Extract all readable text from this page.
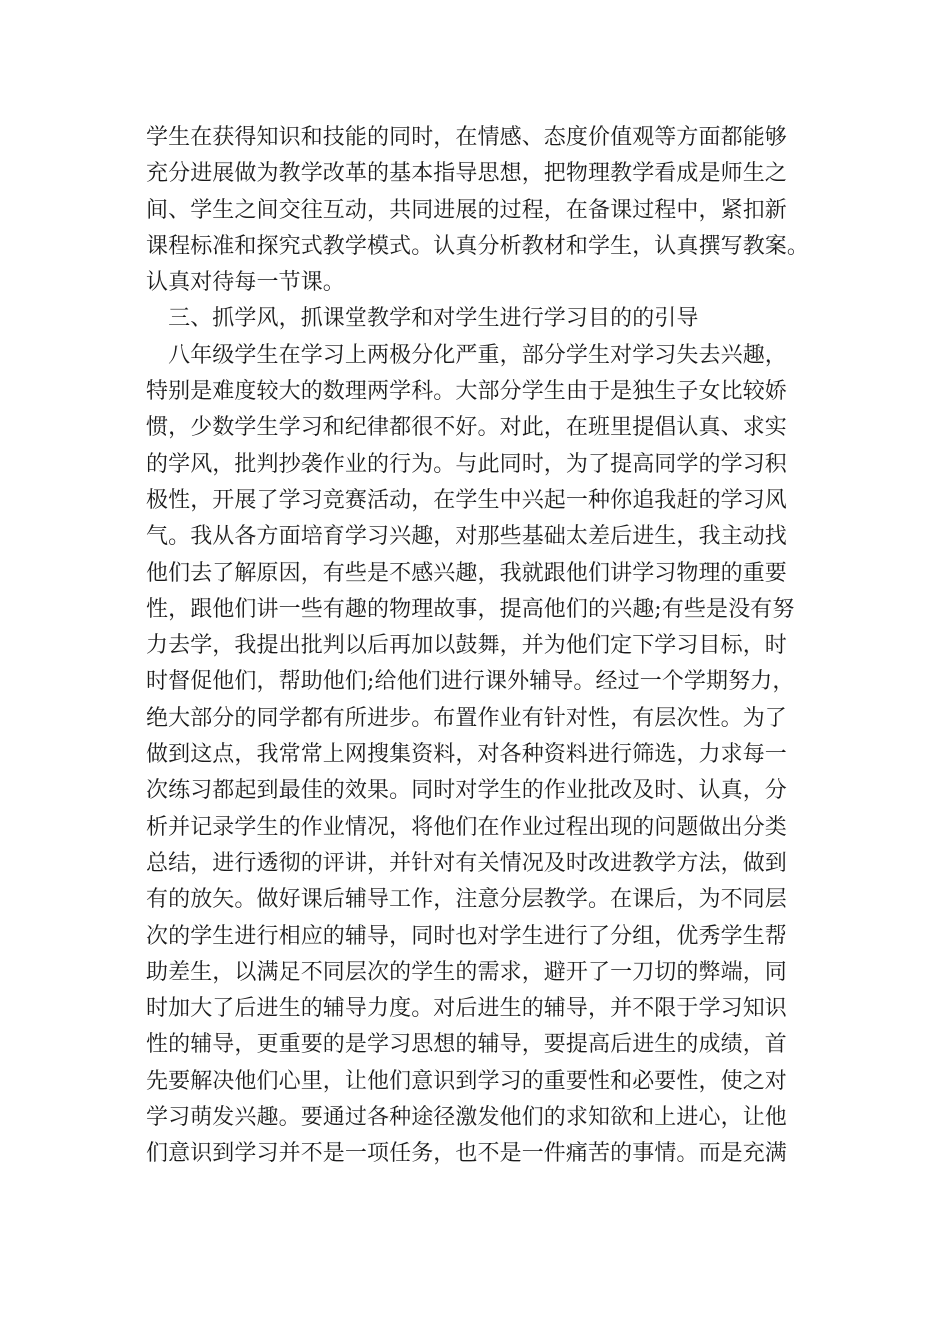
学生在获得知识和技能的同时，在情感、态度价值观等方面都能够
充分进展做为教学改革的基本指导思想，把物理教学看成是师生之
间、学生之间交往互动，共同进展的过程，在备课过程中，紧扣新
课程标准和探究式教学模式。认真分析教材和学生，认真撰写教案。
认真对待每一节课。
　三、抓学风，抓课堂教学和对学生进行学习目的的引导
　八年级学生在学习上两极分化严重，部分学生对学习失去兴趣，
特别是难度较大的数理两学科。大部分学生由于是独生子女比较娇
惯，少数学生学习和纪律都很不好。对此，在班里提倡认真、求实
的学风，批判抄袭作业的行为。与此同时，为了提高同学的学习积
极性，开展了学习竞赛活动，在学生中兴起一种你追我赶的学习风
气。我从各方面培育学习兴趣，对那些基础太差后进生，我主动找
他们去了解原因，有些是不感兴趣，我就跟他们讲学习物理的重要
性，跟他们讲一些有趣的物理故事，提高他们的兴趣;有些是没有努
力去学，我提出批判以后再加以鼓舞，并为他们定下学习目标，时
时督促他们，帮助他们;给他们进行课外辅导。经过一个学期努力，
绝大部分的同学都有所进步。布置作业有针对性，有层次性。为了
做到这点，我常常上网搜集资料，对各种资料进行筛选，力求每一
次练习都起到最佳的效果。同时对学生的作业批改及时、认真，分
析并记录学生的作业情况，将他们在作业过程出现的问题做出分类
总结，进行透彻的评讲，并针对有关情况及时改进教学方法，做到
有的放矢。做好课后辅导工作，注意分层教学。在课后，为不同层
次的学生进行相应的辅导，同时也对学生进行了分组，优秀学生帮
助差生，以满足不同层次的学生的需求，避开了一刀切的弊端，同
时加大了后进生的辅导力度。对后进生的辅导，并不限于学习知识
性的辅导，更重要的是学习思想的辅导，要提高后进生的成绩，首
先要解决他们心里，让他们意识到学习的重要性和必要性，使之对
学习萌发兴趣。要通过各种途径激发他们的求知欲和上进心，让他
们意识到学习并不是一项任务，也不是一件痛苦的事情。而是充满
